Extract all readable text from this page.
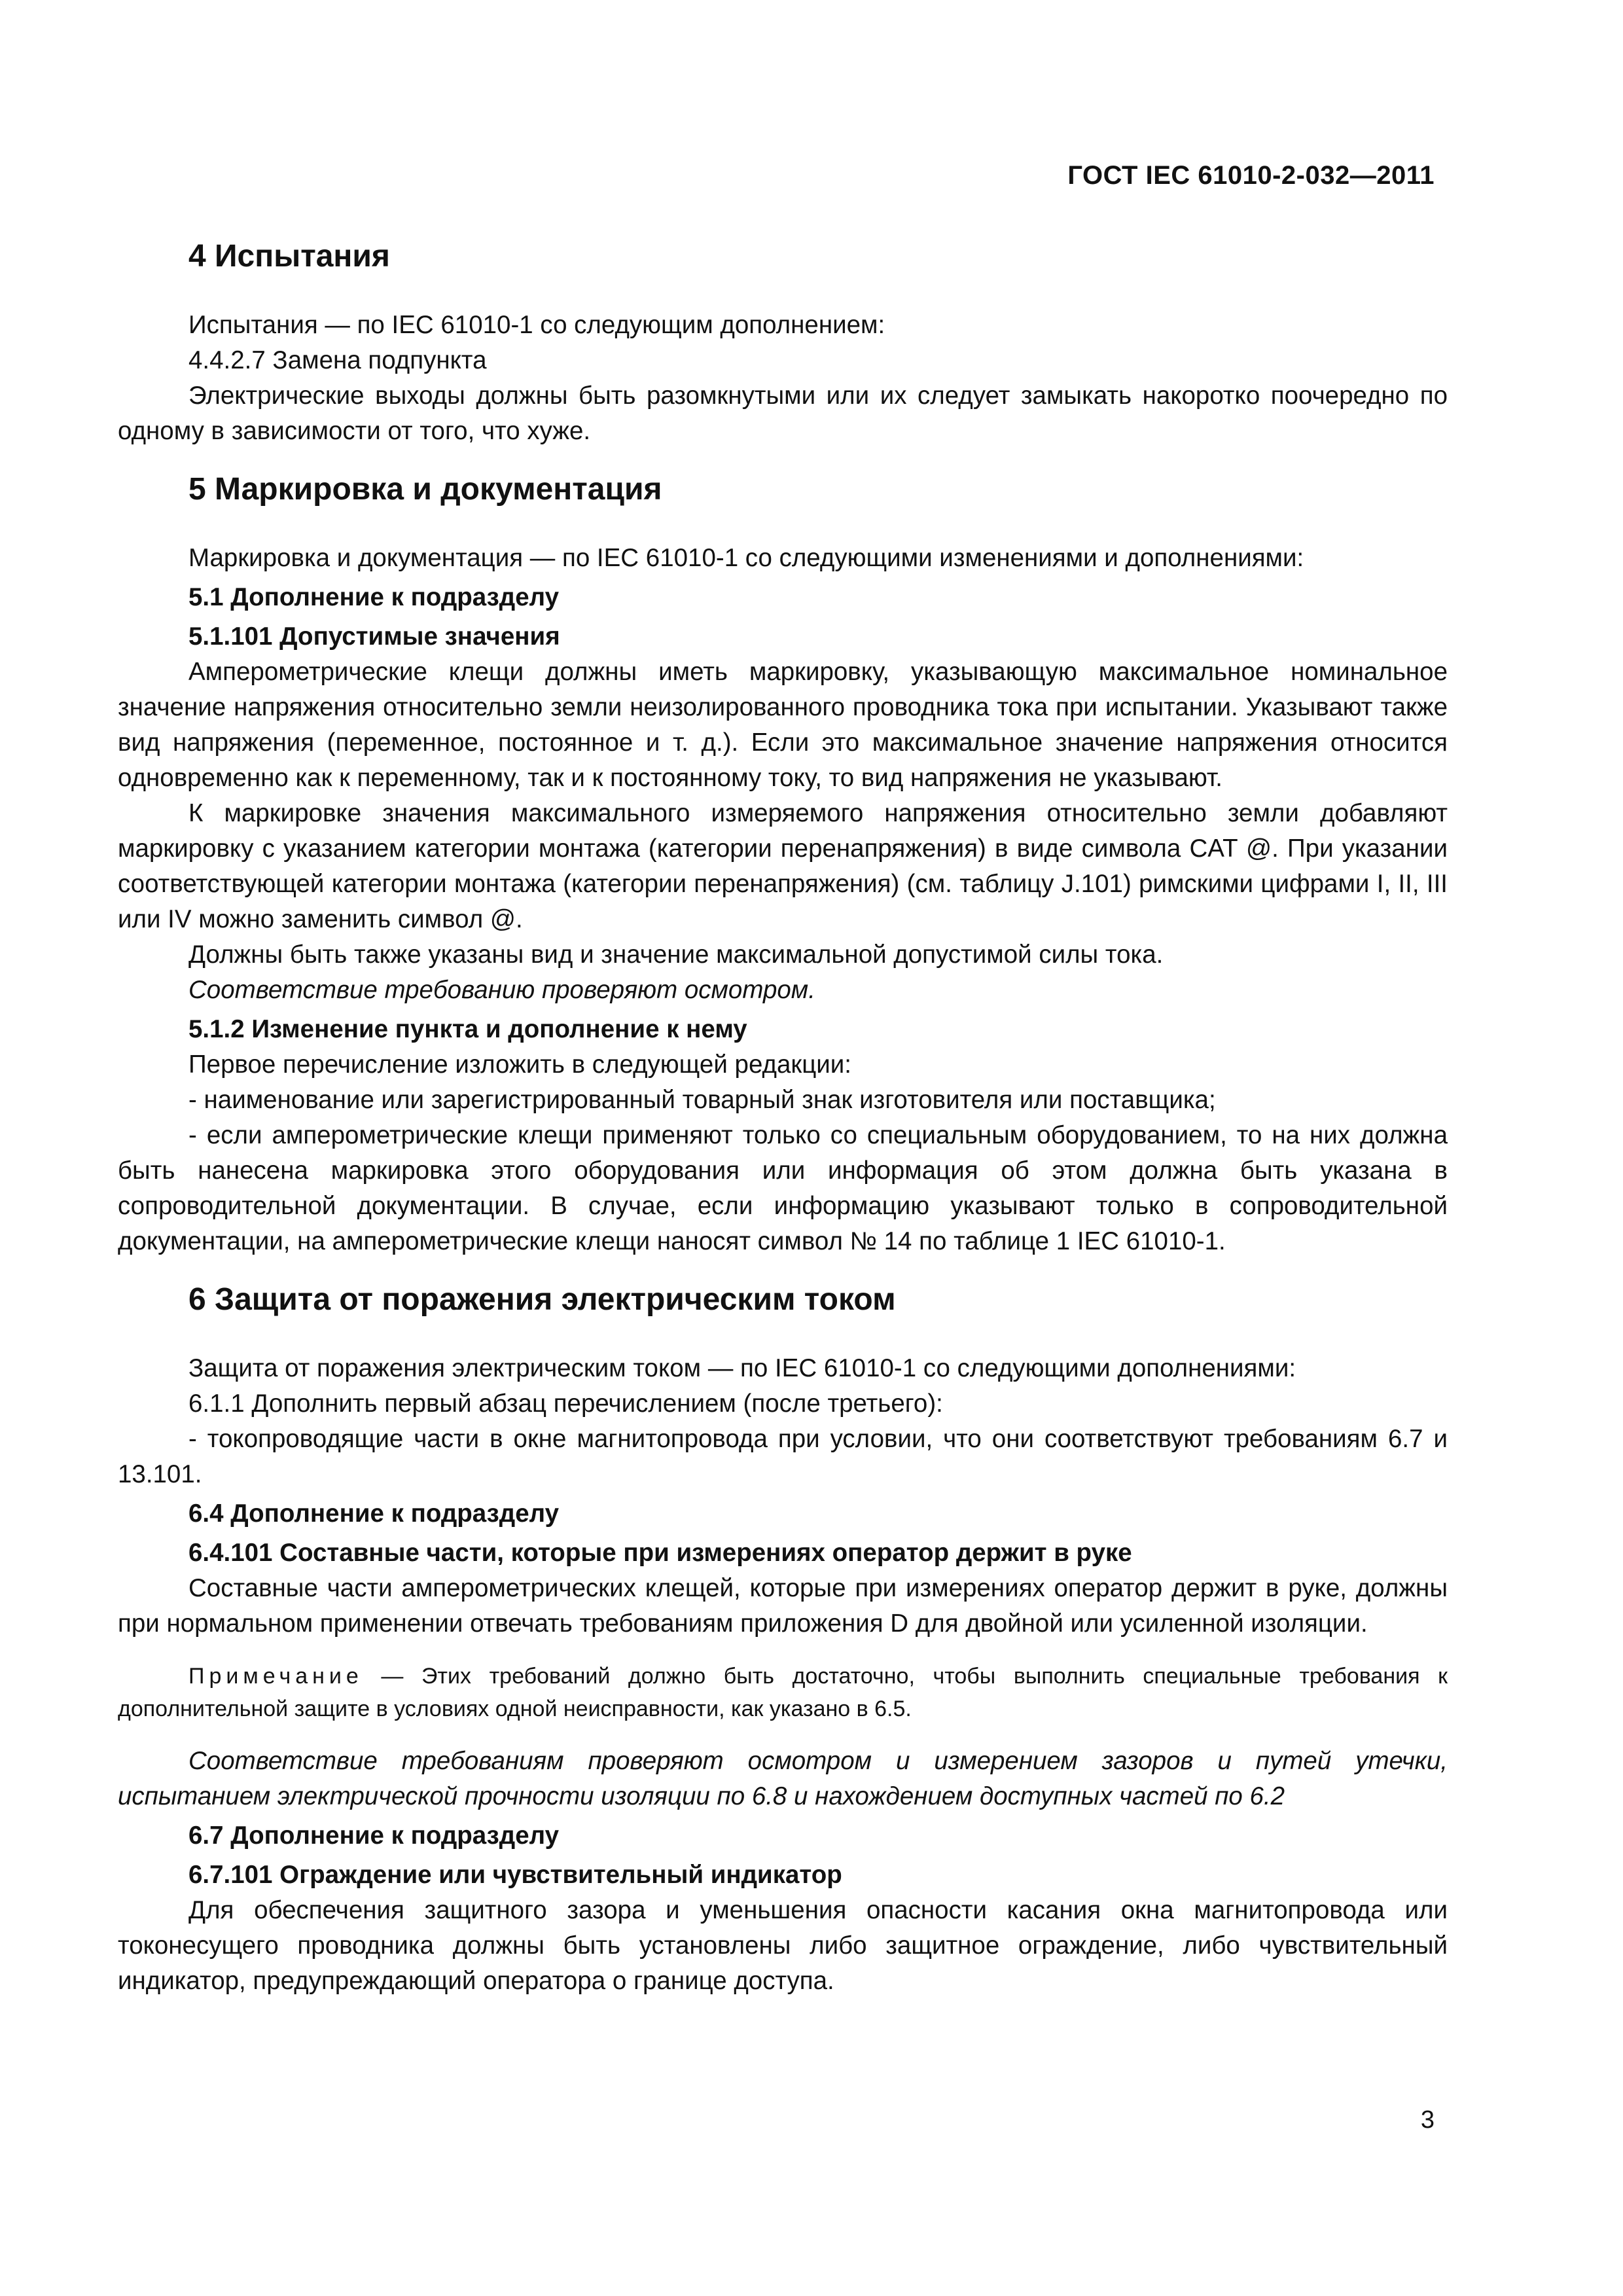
ГОСТ IEC 61010-2-032—2011
4 Испытания

Испытания — по IEC 61010-1 со следующим дополнением:

4.4.2.7 Замена подпункта

Электрические выходы должны быть разомкнутыми или их следует замыкать накоротко поочередно по одному в зависимости от того, что хуже.

5 Маркировка и документация

Маркировка и документация — по IEC 61010-1 со следующими изменениями и дополнениями:

5.1 Дополнение к подразделу
5.1.101 Допустимые значения

Амперометрические клещи должны иметь маркировку, указывающую максимальное номинальное значение напряжения относительно земли неизолированного проводника тока при испытании. Указывают также вид напряжения (переменное, постоянное и т. д.). Если это максимальное значение напряжения относится одновременно как к переменному, так и к постоянному току, то вид напряжения не указывают.

К маркировке значения максимального измеряемого напряжения относительно земли добавляют маркировку с указанием категории монтажа (категории перенапряжения) в виде символа CAT @. При указании соответствующей категории монтажа (категории перенапряжения) (см. таблицу J.101) римскими цифрами I, II, III или IV можно заменить символ @.

Должны быть также указаны вид и значение максимальной допустимой силы тока.

Соответствие требованию проверяют осмотром.

5.1.2 Изменение пункта и дополнение к нему

Первое перечисление изложить в следующей редакции:

- наименование или зарегистрированный товарный знак изготовителя или поставщика;

- если амперометрические клещи применяют только со специальным оборудованием, то на них должна быть нанесена маркировка этого оборудования или информация об этом должна быть указана в сопроводительной документации. В случае, если информацию указывают только в сопроводительной документации, на амперометрические клещи наносят символ № 14 по таблице 1 IEC 61010-1.

6 Защита от поражения электрическим током

Защита от поражения электрическим током — по IEC 61010-1 со следующими дополнениями:

6.1.1 Дополнить первый абзац перечислением (после третьего):

- токопроводящие части в окне магнитопровода при условии, что они соответствуют требованиям 6.7 и 13.101.

6.4 Дополнение к подразделу
6.4.101 Составные части, которые при измерениях оператор держит в руке

Составные части амперометрических клещей, которые при измерениях оператор держит в руке, должны при нормальном применении отвечать требованиям приложения D для двойной или усиленной изоляции.

Примечание — Этих требований должно быть достаточно, чтобы выполнить специальные требования к дополнительной защите в условиях одной неисправности, как указано в 6.5.

Соответствие требованиям проверяют осмотром и измерением зазоров и путей утечки, испытанием электрической прочности изоляции по 6.8 и нахождением доступных частей по 6.2

6.7 Дополнение к подразделу
6.7.101 Ограждение или чувствительный индикатор

Для обеспечения защитного зазора и уменьшения опасности касания окна магнитопровода или токонесущего проводника должны быть установлены либо защитное ограждение, либо чувствительный индикатор, предупреждающий оператора о границе доступа.

3
